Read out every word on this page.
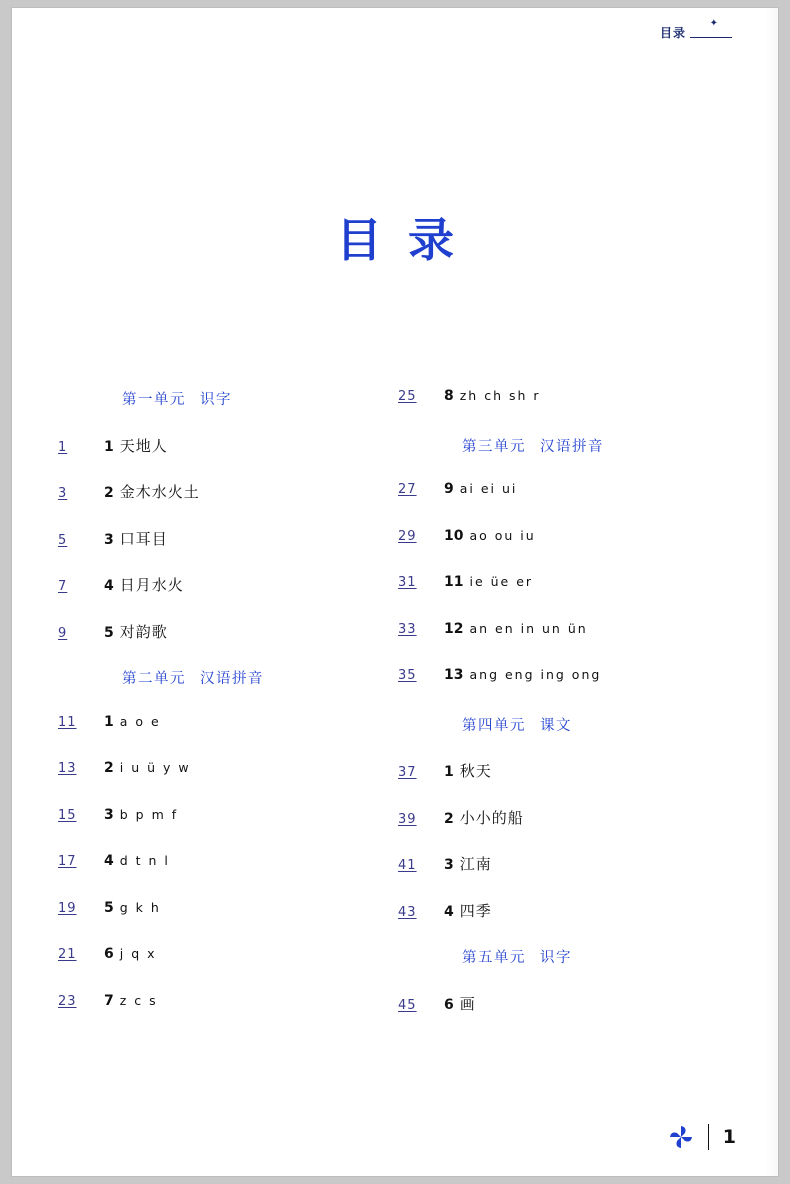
目录
✦
目录
第一单元 识字
1	1 天地人
3	2 金木水火土
5	3 口耳目
7	4 日月水火
9	5 对韵歌
第二单元 汉语拼音
11	1 a o e
13	2 i u ü y w
15	3 b p m f
17	4 d t n l
19	5 g k h
21	6 j q x
23	7 z c s
25	8 zh ch sh r
第三单元 汉语拼音
27	9 ai ei ui
29	10 ao ou iu
31	11 ie üe er
33	12 an en in un ün
35	13 ang eng ing ong
第四单元 课文
37	1 秋天
39	2 小小的船
41	3 江南
43	4 四季
第五单元 识字
45	6 画
1
